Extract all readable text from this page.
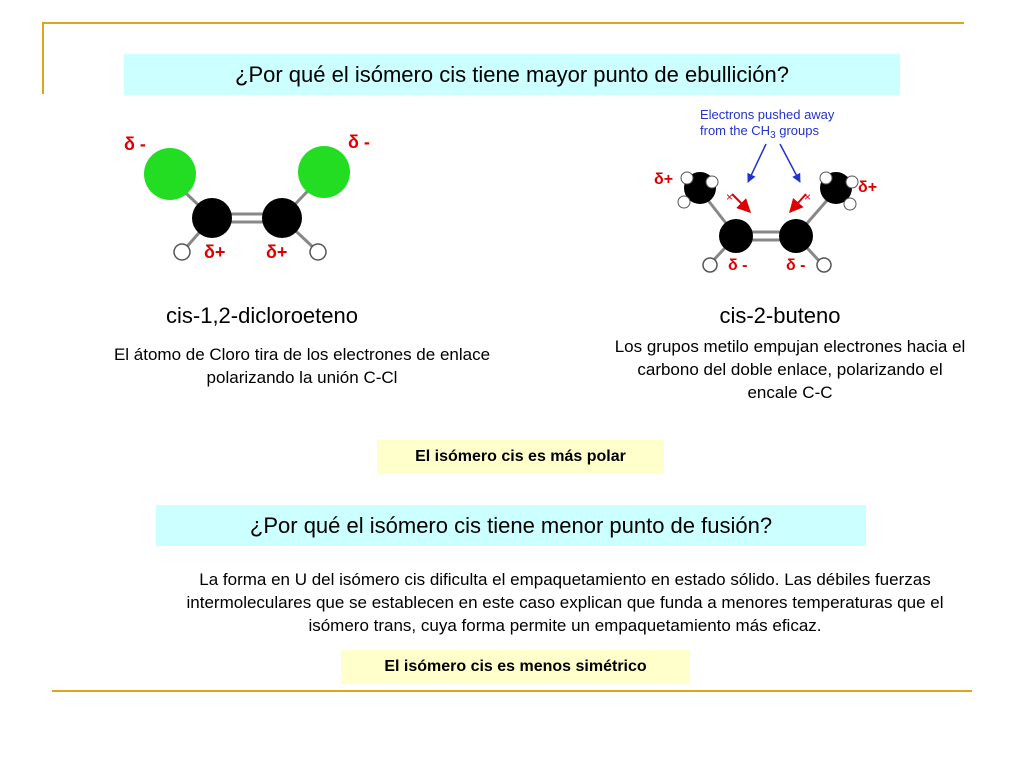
¿Por qué el isómero cis tiene mayor punto de ebullición?
δ -	δ -
δ+ δ+
Electrons pushed away
from the $CH_3$ groups
×	×
δ+	δ+
δ - δ -
cis-1,2-dicloroeteno	cis-2-buteno
El átomo de Cloro tira de los electrones de enlace polarizando la unión C-Cl
Los grupos metilo empujan electrones hacia el carbono del doble enlace, polarizando el encale C-C
El isómero cis es más polar
¿Por qué el isómero cis tiene menor punto de fusión?
La forma en U del isómero cis dificulta el empaquetamiento en estado sólido. Las débiles fuerzas intermoleculares que se establecen en este caso explican que funda a menores temperaturas que el isómero trans, cuya forma permite un empaquetamiento más eficaz.
El isómero cis es menos simétrico
